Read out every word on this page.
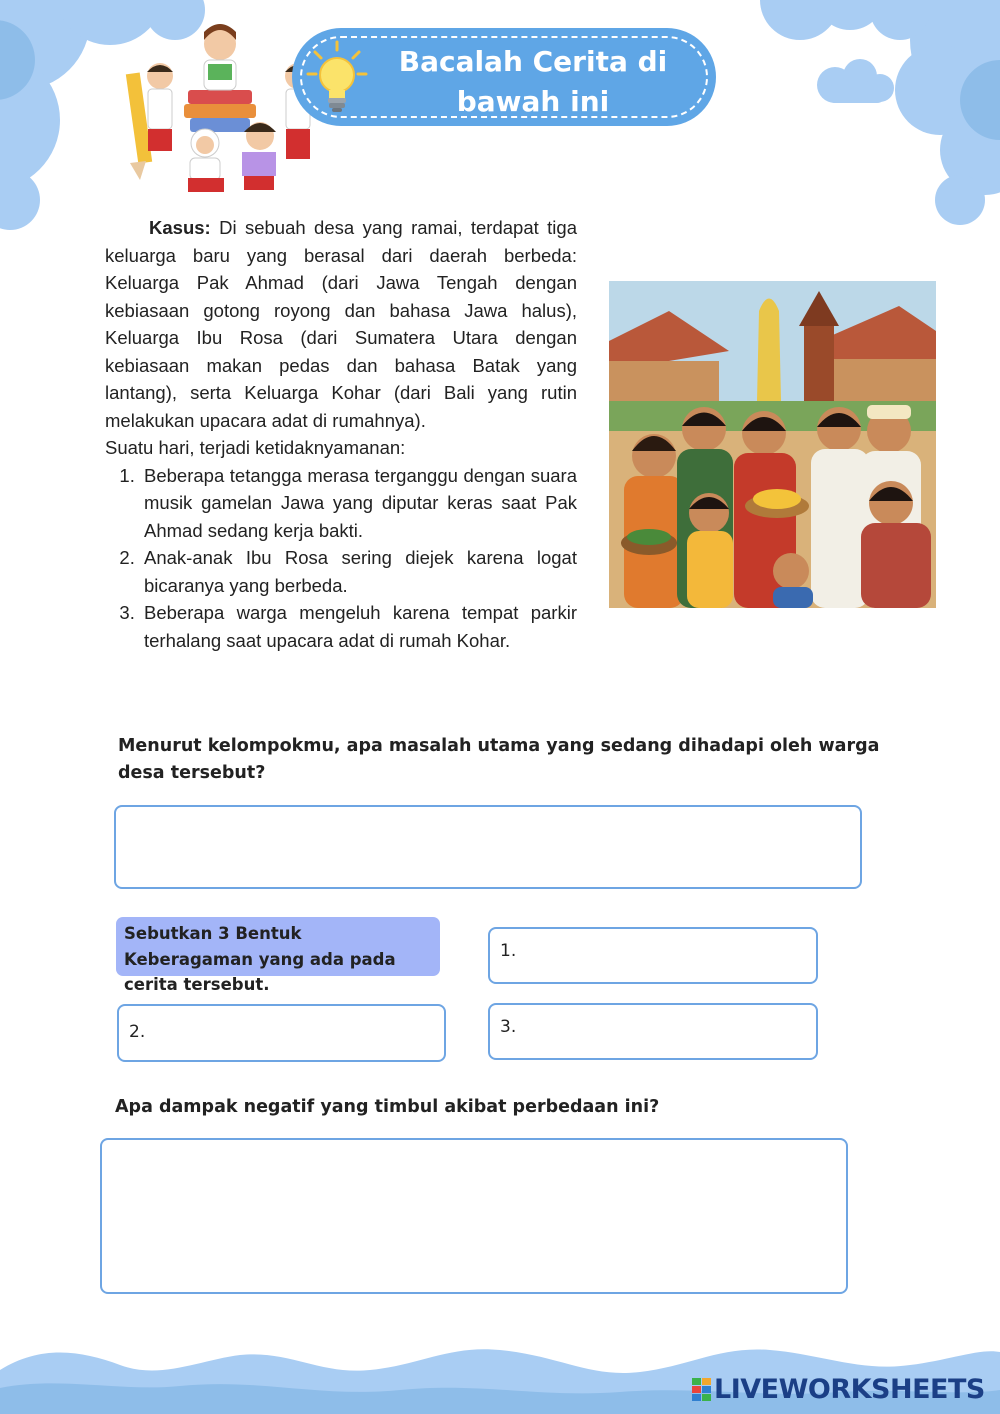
Bacalah Cerita di
bawah ini

Kasus: Di sebuah desa yang ramai, terdapat tiga keluarga baru yang berasal dari daerah berbeda: Keluarga Pak Ahmad (dari Jawa Tengah dengan kebiasaan gotong royong dan bahasa Jawa halus), Keluarga Ibu Rosa (dari Sumatera Utara dengan kebiasaan makan pedas dan bahasa Batak yang lantang), serta Keluarga Kohar (dari Bali yang rutin melakukan upacara adat di rumahnya).

Suatu hari, terjadi ketidaknyamanan:

1. Beberapa tetangga merasa terganggu dengan suara musik gamelan Jawa yang diputar keras saat Pak Ahmad sedang kerja bakti.
2. Anak-anak Ibu Rosa sering diejek karena logat bicaranya yang berbeda.
3. Beberapa warga mengeluh karena tempat parkir terhalang saat upacara adat di rumah Kohar.
Menurut kelompokmu, apa masalah utama yang sedang dihadapi oleh warga desa tersebut?
Sebutkan 3 Bentuk Keberagaman yang ada pada cerita tersebut.
1.
2.	3.
Apa dampak negatif yang timbul akibat perbedaan ini?
LIVEWORKSHEETS
